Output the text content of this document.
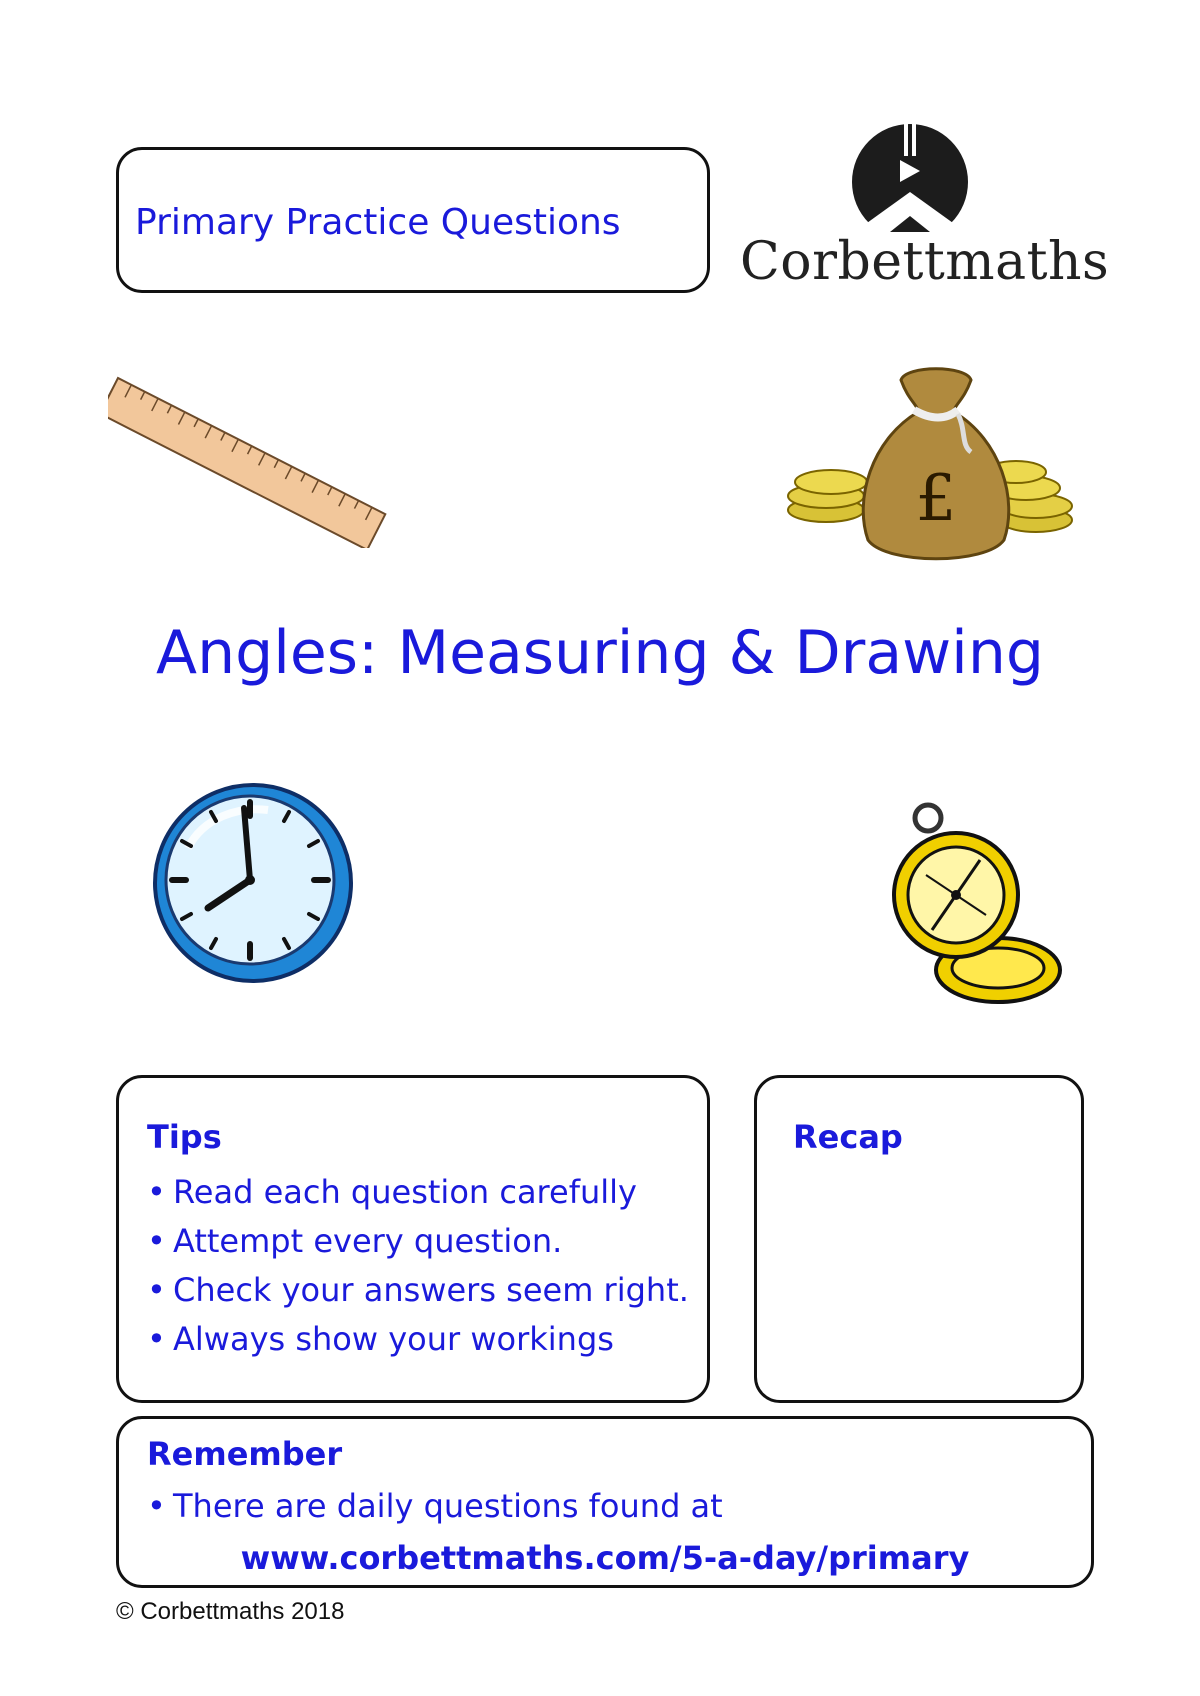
Primary Practice Questions
Corbettmaths
£
Angles: Measuring & Drawing
Tips
• Read each question carefully
• Attempt every question.
• Check your answers seem right.
• Always show your workings
Recap
Remember
• There are daily questions found at
www.corbettmaths.com/5-a-day/primary
© Corbettmaths 2018
